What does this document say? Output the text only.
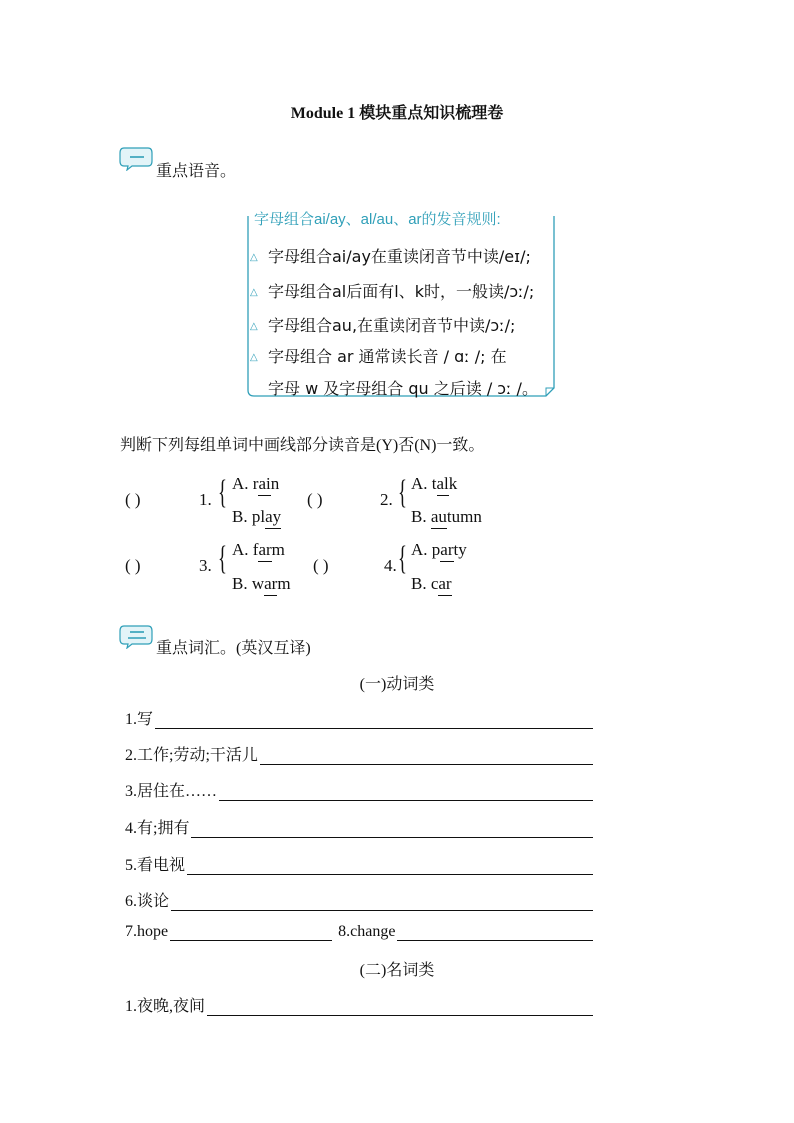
Module 1 模块重点知识梳理卷
重点语音。
字母组合ai/ay、al/au、ar的发音规则:
△ 字母组合ai/ay在重读闭音节中读/eɪ/;
△ 字母组合al后面有l、k时，一般读/ɔː/;
△ 字母组合au,在重读闭音节中读/ɔː/;
△ 字母组合 ar 通常读长音 / ɑː /; 在
字母 w 及字母组合 qu 之后读 / ɔː /。
判断下列每组单词中画线部分读音是(Y)否(N)一致。
( )	1. { A. rain
B. play
( )	2. { A. talk
B. autumn
( )	3. { A. farm
B. warm
( )	4. { A. party
B. car
重点词汇。(英汉互译)
(一)动词类
1.写
2.工作;劳动;干活儿
3.居住在……
4.有;拥有
5.看电视
6.谈论
7.hope	8.change
(二)名词类
1.夜晚,夜间
